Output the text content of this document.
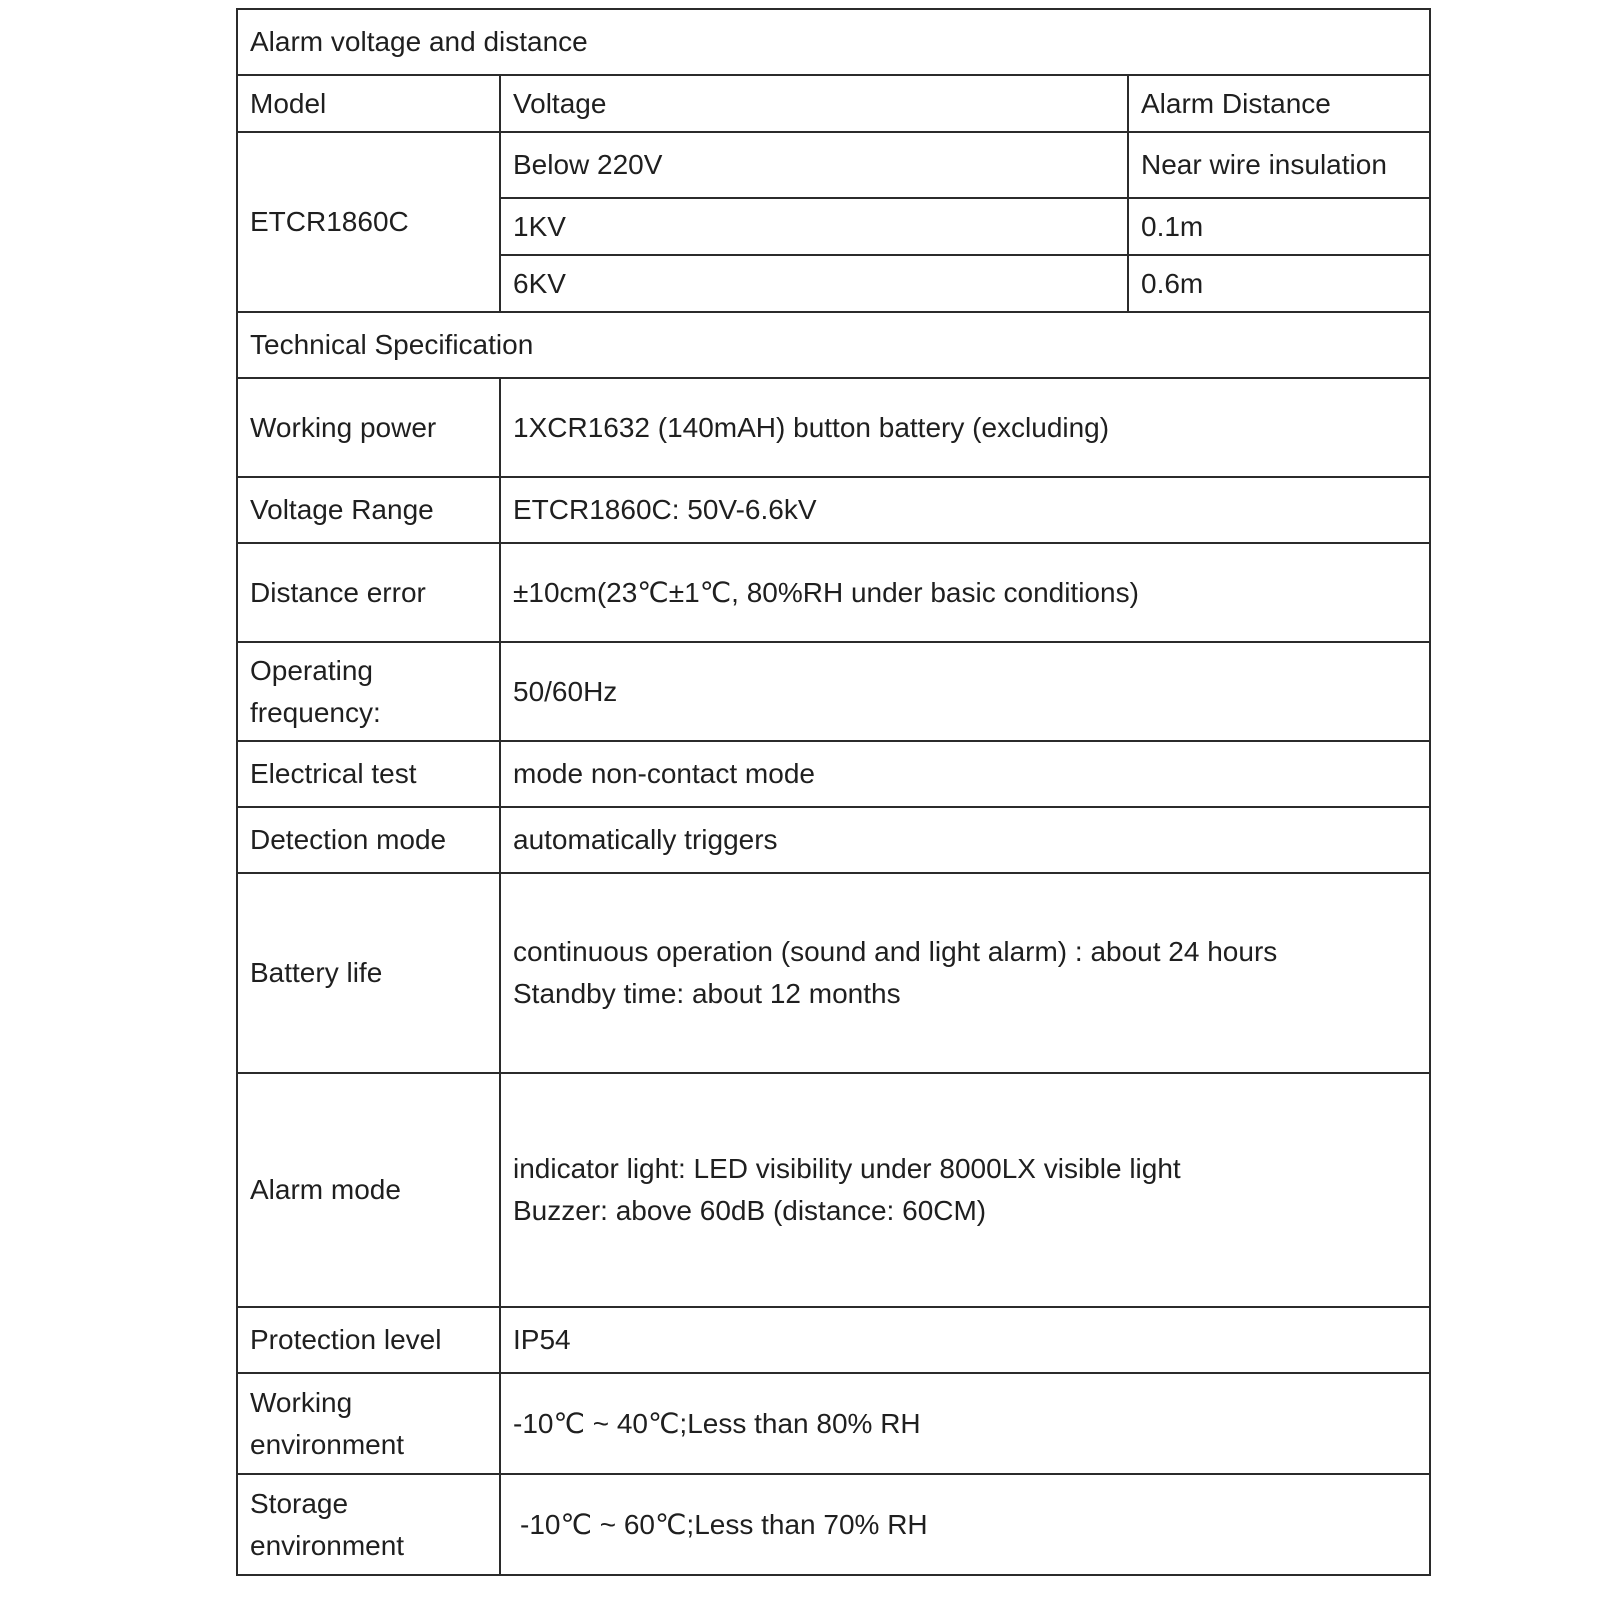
Alarm voltage and distance		
Model	Voltage	Alarm Distance
ETCR1860C	Below 220V	Near wire insulation
	1KV	0.1m
	6KV	0.6m
Technical Specification		
Working power	1XCR1632 (140mAH) button battery (excluding)	
Voltage Range	ETCR1860C: 50V-6.6kV	
Distance error	±10cm(23℃±1℃, 80%RH under basic conditions)	

Operating
frequency:	50/60Hz	
Electrical test	mode non-contact mode	
Detection mode	automatically triggers	
Battery life	continuous operation (sound and light alarm) : about 24 hours
Standby time: about 12 months	

Alarm mode	indicator light: LED visibility under 8000LX visible light
Buzzer: above 60dB (distance: 60CM)	

Protection level	IP54	

Working
environment	-10℃ ~ 40℃;Less than 80% RH	

Storage
environment	-10℃ ~ 60℃;Less than 70% RH	
